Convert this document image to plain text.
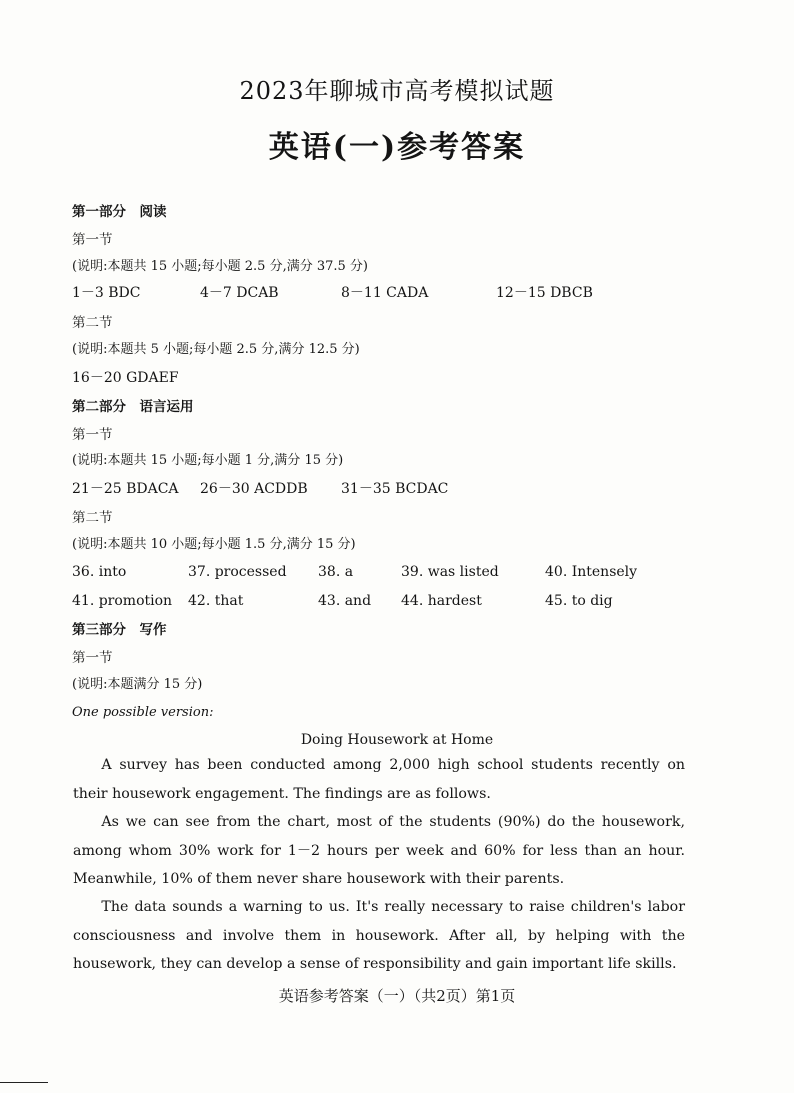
2023年聊城市高考模拟试题
英语(一)参考答案
第一部分　阅读
第一节
(说明:本题共 15 小题;每小题 2.5 分,满分 37.5 分)
1－3 BDC	4－7 DCAB	8－11 CADA	12－15 DBCB
第二节
(说明:本题共 5 小题;每小题 2.5 分,满分 12.5 分)
16－20 GDAEF
第二部分　语言运用
第一节
(说明:本题共 15 小题;每小题 1 分,满分 15 分)
21－25 BDACA 26－30 ACDDB 31－35 BCDAC
第二节
(说明:本题共 10 小题;每小题 1.5 分,满分 15 分)
36. into	37. processed 38. a	39. was listed	40. Intensely
41. promotion 42. that	43. and 44. hardest	45. to dig
第三部分　写作
第一节
(说明:本题满分 15 分)
One possible version:
Doing Housework at Home
A survey has been conducted among 2,000 high school students recently on their housework engagement. The findings are as follows.
As we can see from the chart, most of the students (90%) do the housework, among whom 30% work for 1－2 hours per week and 60% for less than an hour. Meanwhile, 10% of them never share housework with their parents.
The data sounds a warning to us. It's really necessary to raise children's labor consciousness and involve them in housework. After all, by helping with the housework, they can develop a sense of responsibility and gain important life skills.
英语参考答案（一）（共2页）第1页
